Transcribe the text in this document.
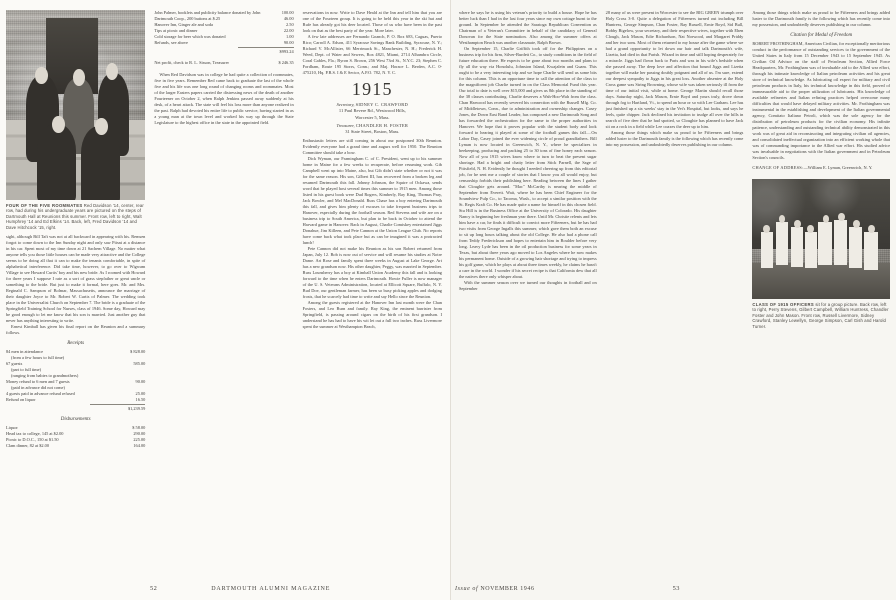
FOUR OF THE FIVE ROOMMATES Red Davidson '14, center, rear row, had during his undergraduate years are pictured on the steps of Dartmouth Hall at Reunions this summer. Front row, left to right, Walt Humphrey '14 and Ed Elkins '14. Back, left, Fred Davidson '14 and Dave Hitchcock '15, right.

sight, although Bill Taft was not at all backward in appearing with his. Remsen forgot to come down to the Inn Sunday night and only saw Piisni at a distance in his car. Spent most of my time down at 21 Sachem Village. No matter what anyone tells you those little houses can be made very attractive and the College seems to be doing all that it can to make the tenants comfortable, in spite of alphabetical interference. Did take time, however, to go over to Wigwam Village to see Howard Curtis' boy and his new bride. As I roomed with Howard for three years I suppose I rate as a sort of grass stepfather or great uncle or something to the bride. But just to make it formal, here goes. Mr. and Mrs. Reginald C. Sampson of Bolmar, Massachusetts, announce the marriage of their daughter Joyce to Mr. Robert W. Curtis of Palmer. The wedding took place in the Universalist Church on September 7. The bride is a graduate of the Springfield Training School for Nurses, class of 1946. Some day, Howard may be good enough to let me know that his son is married. Just another guy that never has anything interesting to write.

Ernest Kimball has given his final report on the Reunion and a summary follows.

Receipts
84 men in attendance	$ 828.00
(from a few hours to full time)	
67 guests	585.00
(part to full time)	
(ranging from babies to grandmothers)	
Money refund to 6 men and 7 guests	90.00
(paid in advance did not come)	
4 guests paid in advance refund refused	25.00
Refund on liquor	16.50
$1,239.59
Disbursements
Liquor	$ 58.00
Head tax to college, 145 at $2.00	290.00
Picnic to D.O.C., 150 at $1.50	225.00
Clam dinner, 82 at $2.00	164.00
John Palmer, booklets and publicity balance donated by John	100.00
Dartmouth Coop., 200 buttons at $.25	46.00
Hanover Inn, Ginger ale and soda	2.50
Tips at picnic and dinner	22.00
Cold storage for beer which was donated	1.00
Refunds, see above	90.00
$993.24
Net profit, check to R. L. Sisson, Treasurer	$ 246.35

When Red Davidson was in college he had quite a collection of roommates, five in five years. Remember Red came back to graduate the last of the whole five and his life was one long round of changing rooms and roommates. Most of the larger Easters papers carried the distressing news of the death of another Fourteener on October 2, when Ralph Jenkins passed away suddenly at his desk, of a heart attack. The state will feel his loss more than anyone realized in the past. Ralph had devoted his entire life to public service, having started in as a young man at the town level and worked his way up through the State Legislature to the highest office in the state in the appointed field.

reservations in now. Write to Dave Heald at the Inn and tell him that you are one of the Fourteen group. It is going to be held this year in the ski hut and Rufe has already got his deer located. Those of us who have been in the past look on that as the best party of the year. More later.

A few late addresses are Fernando Goanch, P. O. Box 683, Caguas, Puerto Rico; Carroll A. Edson, 411 Syracuse Savings Bank Building, Syracuse, N. Y.; Richard V. McAllister, 66 Merrimack St., Manchester, N. H.; Frederick H. Weed, Dept. of Water and Sewers, Box 4821, Miami, 2714 Alhambra Circle, Coral Gables, Fla.; Byron S. Brown, 256 West 73rd St., N.Y.C. 23; Stephen C. Fordham, Route 195 Storrs, Conn.; and Maj. Horace L. Berden, A.C. 0-475210, Hq. P.B.S. I & E Sector, A.P.O. 782, N. Y. C.

1915
Secretary, SIDNEY C. CRAWFORD
11 Paul Revere Rd., Westwood Hills,
Worcester 5, Mass.
Treasurer, CHANDLER H. FOSTER
31 State Street, Boston, Mass.

Enthusiastic letters are still coming in about our postponed 30th Reunion. Evidently everyone had a grand time and augurs well for 1950. The Reunion Committee should take a bow.

Dick Wyman, our Framingham C. of C. President, went up to his summer home in Maine for a few weeks to recuperate, before resuming work. Gib Campbell went up into Maine, also, but Gib didn't state whether or not it was for the same reason. His son, Gilbert III, has recovered from a broken leg and resumed Dartmouth this fall. Johnny Johnson, the Squire of Ockawa, sends word that he played host several times this summer to 1915 men. Among those listed in his guest book were Dud Rogers, Kimberly, Ray King, Thomas Pray, Jack Bowler, and Mel MacDonald. Russ Chase has a boy entering Dartmouth this fall, and gives him plenty of excuses to take frequent business trips to Hanover, especially during the football season. Red Stevens and wife are on a business trip to South America, but plan to be back in October to attend the Harvard game in Hanover. Back in August, Charlie Comiskey entertained Jiggs Donahue, Jim Killeen, and Pete Cannon at the Union League Club. No reports have come back what took place but as can be imagined it was a protracted lunch!

Pete Cannon did not make his Reunion as his son Robert returned from Japan, July 12. Bob is now out of service and will resume his studies at Notre Dame. Art Rose and family spent three weeks in August at Lake George. Art has a new grandson now. His other daughter, Peggy, was married in September. Russ Lounsberry has a boy at Kimball Union Academy this fall and is looking forward to the time when he enters Dartmouth. Howie Fuller is now manager of the U. S. Veterans Administration, located at Ellicott Square, Buffalo, N. Y. Bud Doe, our gentleman farmer, has been so busy picking apples and dodging frosts, that he scarcely had time to write and say Hello since the Reunion.

Among the guests registered at the Hanover Inn last month were the Chan Fosters, and Leo Burn and family. Ray King, the eminent barrister from Springfield, is passing around cigars on the birth of his first grandson. I understand he has had to have his wit let out a full two inches. Russ Livermore spent the summer at Westhampton Beach,

52	DARTMOUTH ALUMNI MAGAZINE

where he says he is using his veteran's priority to build a house. Hope he has better luck than I had in the last four years since my own cottage burnt to the ground. In September he attended the Saratoga Republican Convention as Chairman of a Veteran's Committee in behalf of the candidacy of General Donovan for the State nomination. Also among the summer offers at Westhampton Beach was another classmate, Ralph Brown.

On September 15, Charlie Griffith took off for the Philippines on a business trip for his firm, Silver-Burdett Co., to study conditions in the field of future education there. He expects to be gone about two months and plans to fly all the way via Honolulu, Johnston Island, Kwajalein and Guam. This ought to be a very interesting trip and we hope Charlie will send us some bits for this column. This is an opportune time to call the attention of the class to the magnificent job Charlie turned in on the Class Memorial Fund this year. Our total to date is well over $15,000 and gives us 8th place in the standing of the 38 classes contributing. Charlie deserves a Wah-Hoo-Wah from the class. Chan Harwood has recently severed his connection with the Russell Mfg. Co. of Middletown, Conn., due to administration and ownership changes. Casey Jones, the Down East Band Leader, has composed a new Dartmouth Song and has forwarded the orchestration for the same to the proper authorities in Hanover. We hope that it proves popular with the student body and look forward to hearing it played at some of the football games this fall.....On Labor Day, Casey joined the ever widening circle of proud grandfathers. Bill Lyman is now located in Greenwich, N. Y., where he specializes in beekeeping, producing and packing 25 to 30 tons of fine honey each season. Now all of you 1915 wives know where to turn to beat the present sugar shortage. Had a bright and chatty letter from Stick Parnell, the Sage of Pittsfield, N. H. Evidently he thought I needed cheering up from this editorial job, for he sent me a couple of stories that I know you all would enjoy, but censorship forbids their publishing here. Reading between the lines I gather that Cloughie gets around. "Mac" McCarthy is nearing the middle of September from Everett. Wait, where he has been Chief Engineer for the Soundview Pulp Co., to Tacoma, Wash., to accept a similar position with the St. Regis Kraft Co. He has made quite a name for himself in this chosen field. Stu Hill is in the Business Office at the University of Colorado. His daughter Nancy is beginning her freshman year there. Until Mr. Christie relents and lets him have a car, he finds it difficult to convict more Fifteeners, but he has had two visits from George Ingalls this summer, which gave them both an excuse to sit up long hours talking about the old College. He also had a phone call from Teddy Frederickson and hopes to entertain him in Boulder before very long. Leavy Lyde has been in the oil production business for some years in Texas, but about three years ago moved to Los Angeles where he now makes his permanent home. Outside of a growing hair shortage and trying to impress his golf game, which he plays at about three times weekly, he claims he hasn't a care in the world. I wonder if his secret recipe is that California dew that all the natives there only whisper about.

With the summer season over we turned our thoughts in football and on September

28 many of us were present in Worcester to see the BIG GREEN triumph over Holy Cross 3-0. Quite a delegation of Fifteeners turned out including Bill Huntress, George Simpson, Chan Foster, Ray Russell, Ernie Boyd, Sid Bull, Bobby Bigelow, your secretary, and their respective wives, together with Ehen Clough, Jack Mason, Edie Richardson, Nat Norwood, and Margaret Priddy and her two sons. Most of them returned to my house after the game where we had a grand opportunity to let down our hair and talk Dartmouth's wife, Lizetta, had died in that Parish. Wizard in time and still hoping desperately for a miracle. Jiggs had flown back to Paris and was in his wife's bedside when she passed away. The deep love and affection that bound Jiggs and Lizetta together will make her passing doubly poignant and all of us. I'm sure, extend our deepest sympathy to Jiggs in his great loss. Another absentee at the Holy Cross game was String Browning, whose wife was taken seriously ill from the time of our initial visit, while at home. George Martin should recall those days. Saturday night, Jack Mason, Ernie Boyd and yours truly, drove down through fog to Hartland, Vt., to spend an hour or so with Lee Graham. Lee has just finished up a six weeks' stay in the Vet's Hospital, but looks, and says he feels, quite chipper. Jack declined his invitation to trudge all over the hills in search of five deer that he had spotted, so Cloughie has planned to have Jack sit on a rock in a field while Lee coaxes the deer up to him.

Among those things which make us proud to be Fifteeners and brings added luster to the Dartmouth family is the following which has recently come into my possession, and undoubtedly deserves publishing in our column.

Among those things which make us proud to be Fifteeners and brings added luster to the Dartmouth family is the following which has recently come into my possession, and undoubtedly deserves publishing in our column.

Citation for Medal of Freedom

ROBERT FROTHINGHAM, American Civilian, for exceptionally meritorious conduct in the performance of outstanding services to the government of the United States in Italy from 15 December 1943 to 15 September 1945. As Civilian Oil Advisor on the staff of Petroleum Section, Allied Force Headquarters, Mr. Frothingham was of invaluable aid to the Allied war effort, through his intimate knowledge of Italian petroleum activities and his great store of technical knowledge. As lubricating oil expert for military and civil petroleum products in Italy, his technical knowledge in this field, proved of immeasurable aid to the proper utilization of lubricants. His knowledge of available refineries and Italian refining practices helped overcome many difficulties that would have delayed military activities. Mr. Frothingham was instrumental in the establishing and development of the Italian governmental agency, Comitato Italiano Petroli, which was the sole agency for the distribution of petroleum products for the civilian economy. His infinite patience, understanding and outstanding technical ability demonstrated in this work was of great aid in reconstructing and integrating civilian oil agencies, and consolidated ineffectual organization into an efficient working whole that was of commanding importance to the Allied war effort. His studied advice was invaluable in negotiations with the Italian government and in Petroleum Section's councils.

CHANGE OF ADDRESS:—William E. Lyman, Greenwich, N. Y.

CLASS OF 1915 OFFICERS sit for a group picture. Back row, left to right, Perry Stevens, Gilbert Campbell, William Huntress, Chandler Foster and John Mason. Front row, Russell Livermore, Sidney Crawford, Stanley Lewellyn, George Simpson, Carl Gish and Harold Turner.
Issue of NOVEMBER 1946	53
